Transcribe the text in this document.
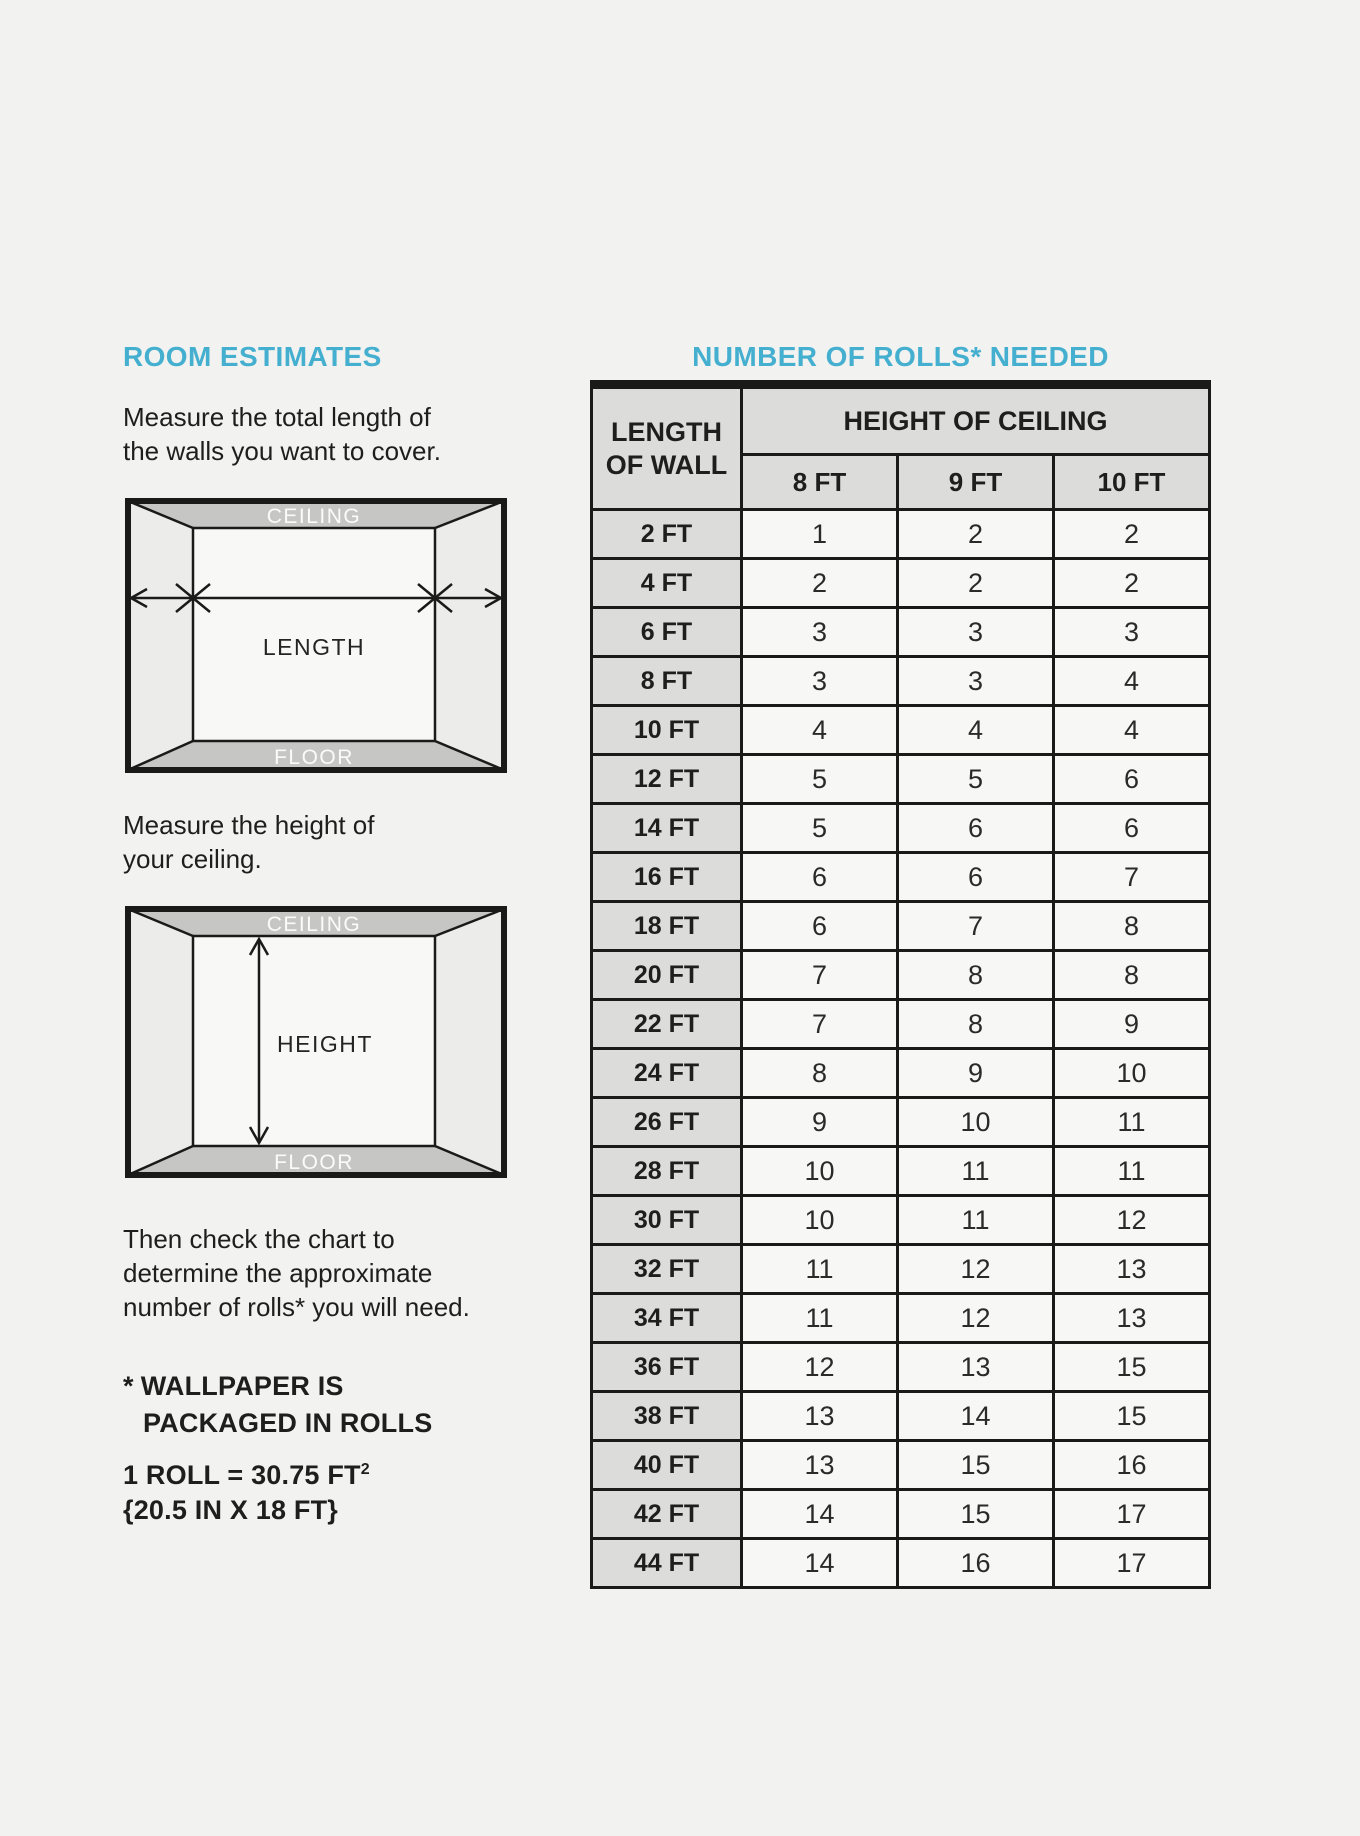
ROOM ESTIMATES
Measure the total length of
the walls you want to cover.
CEILING
FLOOR
LENGTH
Measure the height of
your ceiling.
CEILING
FLOOR
HEIGHT
Then check the chart to
determine the approximate
number of rolls* you will need.
* WALLPAPER IS
PACKAGED IN ROLLS
1 ROLL = 30.75 $FT^2$
{20.5 IN X 18 FT}
NUMBER OF ROLLS* NEEDED
LENGTH
OF WALL	HEIGHT OF CEILING		
	8 FT	9 FT	10 FT
2 FT	1	2	2
4 FT	2	2	2
6 FT	3	3	3
8 FT	3	3	4
10 FT	4	4	4
12 FT	5	5	6
14 FT	5	6	6
16 FT	6	6	7
18 FT	6	7	8
20 FT	7	8	8
22 FT	7	8	9
24 FT	8	9	10
26 FT	9	10	11
28 FT	10	11	11
30 FT	10	11	12
32 FT	11	12	13
34 FT	11	12	13
36 FT	12	13	15
38 FT	13	14	15
40 FT	13	15	16
42 FT	14	15	17
44 FT	14	16	17
